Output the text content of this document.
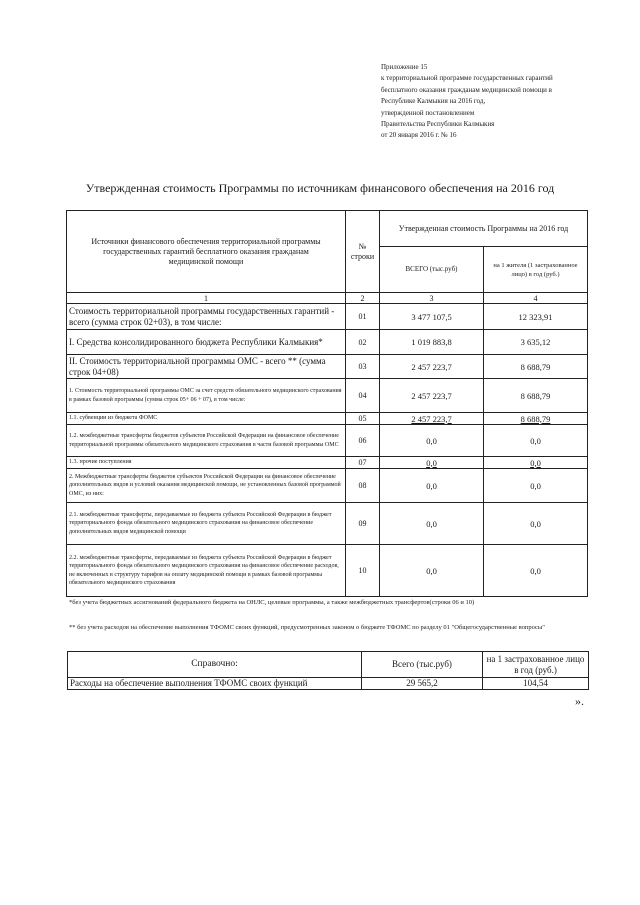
Приложение 15
к территориальной программе государственных гарантий
бесплатного оказания гражданам медицинской помощи в
Республике Калмыкия на 2016 год,
утвержденной постановлением
Правительства Республики Калмыкия
от 20 января 2016 г. № 16
Утвержденная стоимость Программы по источникам финансового обеспечения на 2016 год
Источники финансового обеспечения территориальной программы государственных гарантий бесплатного оказания гражданам медицинской помощи	№ строки	Утвержденная стоимость Программы на 2016 год	
		ВСЕГО (тыс.руб)	на 1 жителя (1 застрахованное лицо) в год (руб.)
1	2	3	4
Стоимость территориальной программы государственных гарантий - всего (сумма строк 02+03), в том числе:	01	3 477 107,5	12 323,91
I. Средства консолидированного бюджета Республики Калмыкия*	02	1 019 883,8	3 635,12
II. Стоимость территориальной программы ОМС - всего ** (сумма строк 04+08)	03	2 457 223,7	8 688,79
1. Стоимость территориальной программы ОМС за счет средств обязательного медицинского страхования в рамках базовой программы (сумма строк 05+ 06 + 07), в том числе:	04	2 457 223,7	8 688,79
1.1. субвенции из бюджета ФОМС	05	2 457 223,7	8 688,79
1.2. межбюджетные трансферты бюджетов субъектов Российской Федерации на финансовое обеспечение территориальной программы обязательного медицинского страхования в части базовой программы ОМС	06	0,0	0,0
1.3. прочие поступления	07	0,0	0,0
2. Межбюджетные трансферты бюджетов субъектов Российской Федерации на финансовое обеспечение дополнительных видов и условий оказания медицинской помощи, не установленных базовой программой ОМС, из них:	08	0,0	0,0
2.1. межбюджетные трансферты, передаваемые из бюджета субъекта Российской Федерации в бюджет территориального фонда обязательного медицинского страхования на финансовое обеспечение дополнительных видов медицинской помощи	09	0,0	0,0
2.2. межбюджетные трансферты, передаваемые из бюджета субъекта Российской Федерации в бюджет территориального фонда обязательного медицинского страхования на финансовое обеспечение расходов, не включенных в структуру тарифов на оплату медицинской помощи в рамках базовой программы обязательного медицинского страхования	10	0,0	0,0
*без учета бюджетных ассигнований федерального бюджета на ОНЛС, целевые программы, а также межбюджетных трансфертов(строки 06 и 10)
** без учета расходов на обеспечение выполнения ТФОМС своих функций, предусмотренных законом о бюджете ТФОМС по разделу 01 "Общегосударственные вопросы"
Справочно:	Всего (тыс.руб)	на 1 застрахованное лицо в год (руб.)
Расходы на обеспечение выполнения ТФОМС своих функций	29 565,2	104,54
».
